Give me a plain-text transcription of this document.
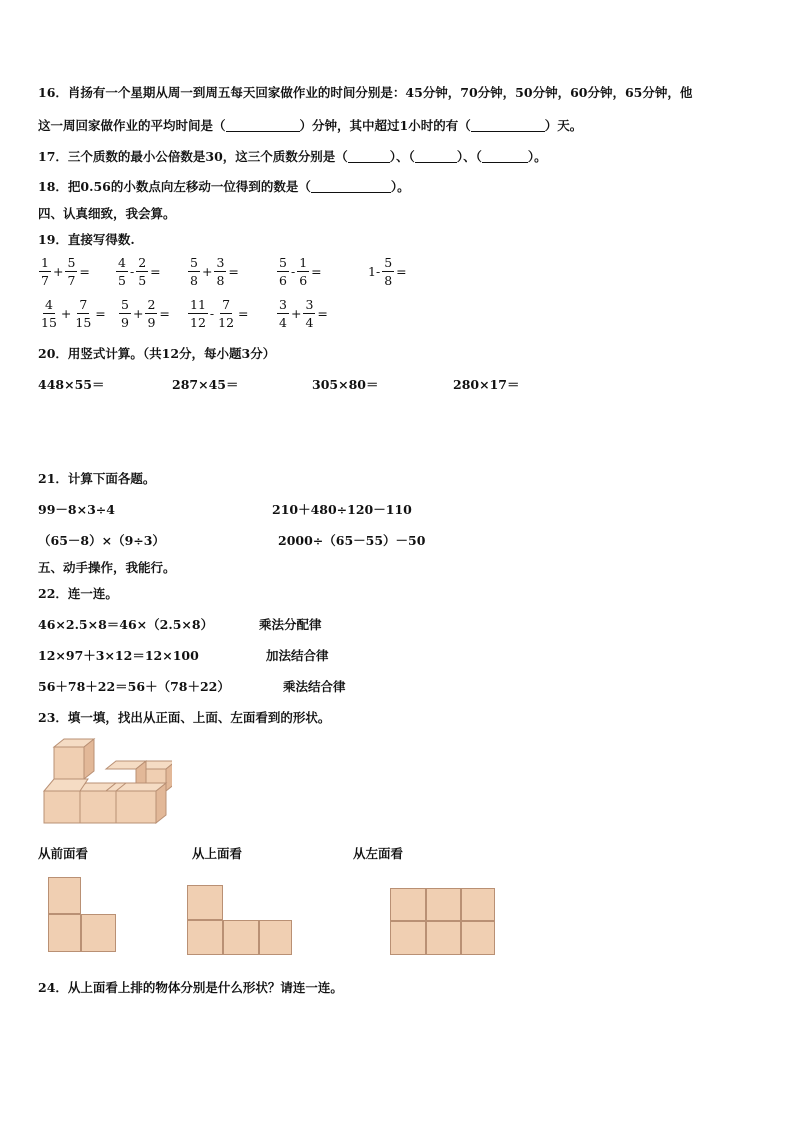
16．肖扬有一个星期从周一到周五每天回家做作业的时间分别是：45分钟，70分钟，50分钟，60分钟，65分钟，他
这一周回家做作业的平均时间是（	）分钟，其中超过1小时的有（	）天。
17．三个质数的最小公倍数是30，这三个质数分别是（	）、（	）、（	）。
18．把0.56的小数点向左移动一位得到的数是（	）。
四、认真细致，我会算。
19．直接写得数.
$\frac{1}{7} + \frac{5}{7} = \frac{4}{5} - \frac{2}{5} = \frac{5}{8} + \frac{3}{8}$ =	$\frac{5}{6} - \frac{1}{6}$ =	$1- \frac{5}{8}$ =
$\frac{4}{15} + \frac{7}{15} = \frac{5}{9} + \frac{2}{9} = \frac{11}{12} - \frac{7}{12} = \frac{3}{4} + \frac{3}{4}$ =
20．用竖式计算。（共12分，每小题3分）
448×55＝	287×45＝	305×80＝	280×17＝
21．计算下面各题。
99－8×3÷4	210＋480÷120－110
（65－8）×（9÷3）	2000÷（65－55）－50
五、动手操作，我能行。
22．连一连。
46×2.5×8＝46×（2.5×8）
12×97＋3×12＝12×100
56＋78＋22＝56＋（78＋22）
乘法分配律
加法结合律
乘法结合律
23．填一填，找出从正面、上面、左面看到的形状。
从前面看	从上面看	从左面看
24．从上面看上排的物体分别是什么形状？请连一连。
